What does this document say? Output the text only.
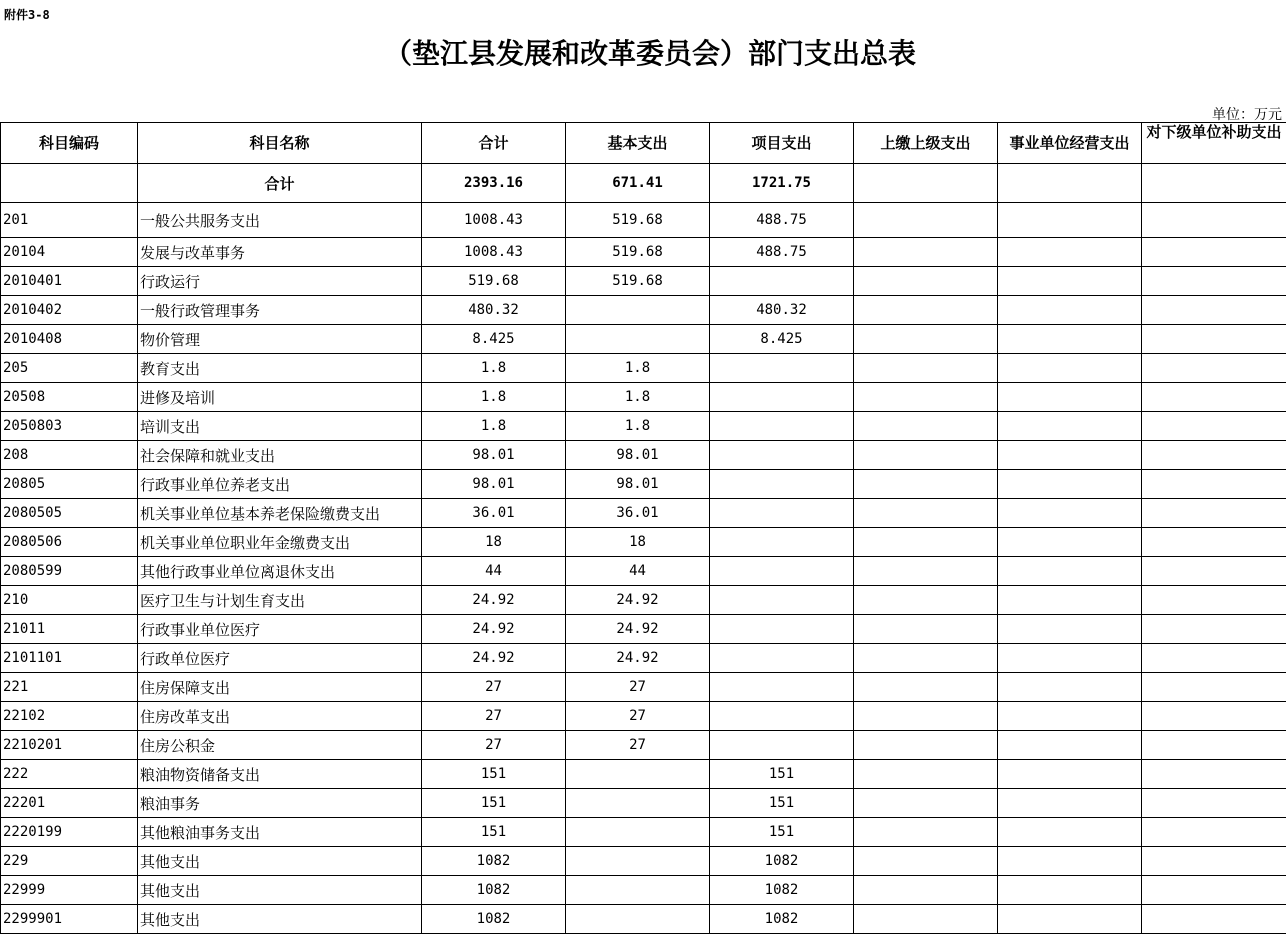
附件3-8
（垫江县发展和改革委员会）部门支出总表
单位：万元
科目编码	科目名称	合计	基本支出	项目支出	上缴上级支出	事业单位经营支出	对下级单位补助支出
	合计	2393.16	671.41	1721.75			
201	一般公共服务支出	1008.43	519.68	488.75			
20104	发展与改革事务	1008.43	519.68	488.75			
2010401	行政运行	519.68	519.68				
2010402	一般行政管理事务	480.32		480.32			
2010408	物价管理	8.425		8.425			
205	教育支出	1.8	1.8				
20508	进修及培训	1.8	1.8				
2050803	培训支出	1.8	1.8				
208	社会保障和就业支出	98.01	98.01				
20805	行政事业单位养老支出	98.01	98.01				
2080505	机关事业单位基本养老保险缴费支出	36.01	36.01				
2080506	机关事业单位职业年金缴费支出	18	18				
2080599	其他行政事业单位离退休支出	44	44				
210	医疗卫生与计划生育支出	24.92	24.92				
21011	行政事业单位医疗	24.92	24.92				
2101101	行政单位医疗	24.92	24.92				
221	住房保障支出	27	27				
22102	住房改革支出	27	27				
2210201	住房公积金	27	27				
222	粮油物资储备支出	151		151			
22201	粮油事务	151		151			
2220199	其他粮油事务支出	151		151			
229	其他支出	1082		1082			
22999	其他支出	1082		1082			
2299901	其他支出	1082		1082			
